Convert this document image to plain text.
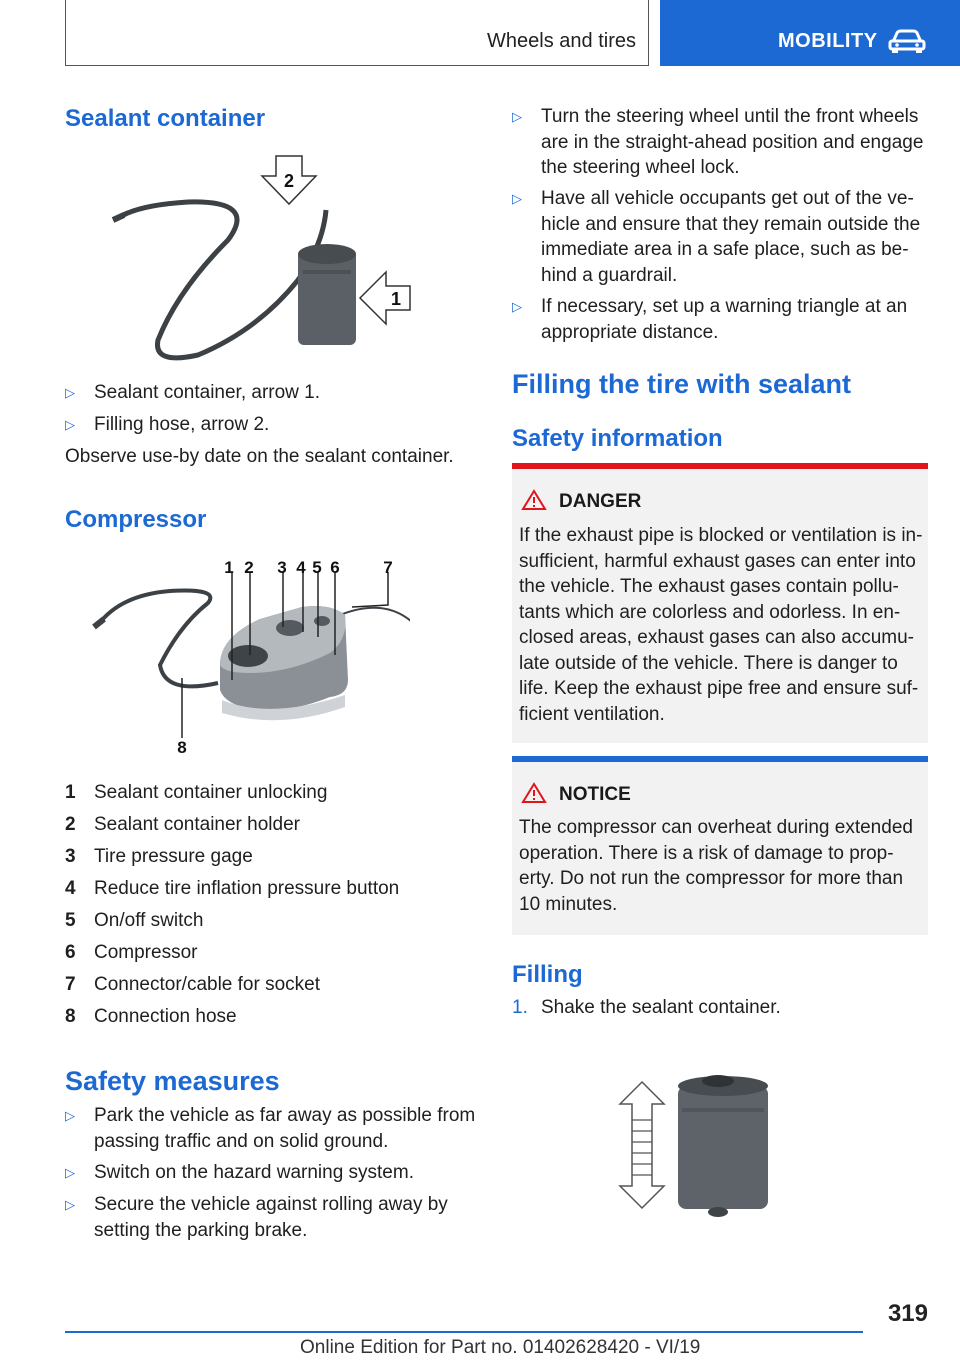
Wheels and tires	MOBILITY
Sealant container
2
1
▷ Sealant container, arrow 1.
▷ Filling hose, arrow 2.
Observe use-by date on the sealant container.
Compressor
1 2 3 4 5 6	7
8
1 Sealant container unlocking
2 Sealant container holder
3 Tire pressure gage
4 Reduce tire inflation pressure button
5 On/off switch
6 Compressor
7 Connector/cable for socket
8 Connection hose
Safety measures
▷ Park the vehicle as far away as possible from
passing traffic and on solid ground.
▷ Switch on the hazard warning system.
▷ Secure the vehicle against rolling away by
setting the parking brake.
▷ Turn the steering wheel until the front wheels
are in the straight-ahead position and engage
the steering wheel lock.
▷ Have all vehicle occupants get out of the ve-
hicle and ensure that they remain outside the
immediate area in a safe place, such as be-
hind a guardrail.
▷ If necessary, set up a warning triangle at an
appropriate distance.
Filling the tire with sealant
Safety information
DANGER
If the exhaust pipe is blocked or ventilation is in-
sufficient, harmful exhaust gases can enter into
the vehicle. The exhaust gases contain pollu-
tants which are colorless and odorless. In en-
closed areas, exhaust gases can also accumu-
late outside of the vehicle. There is danger to
life. Keep the exhaust pipe free and ensure suf-
ficient ventilation.
NOTICE
The compressor can overheat during extended
operation. There is a risk of damage to prop-
erty. Do not run the compressor for more than
10 minutes.
Filling
1. Shake the sealant container.
319
Online Edition for Part no. 01402628420 - VI/19
